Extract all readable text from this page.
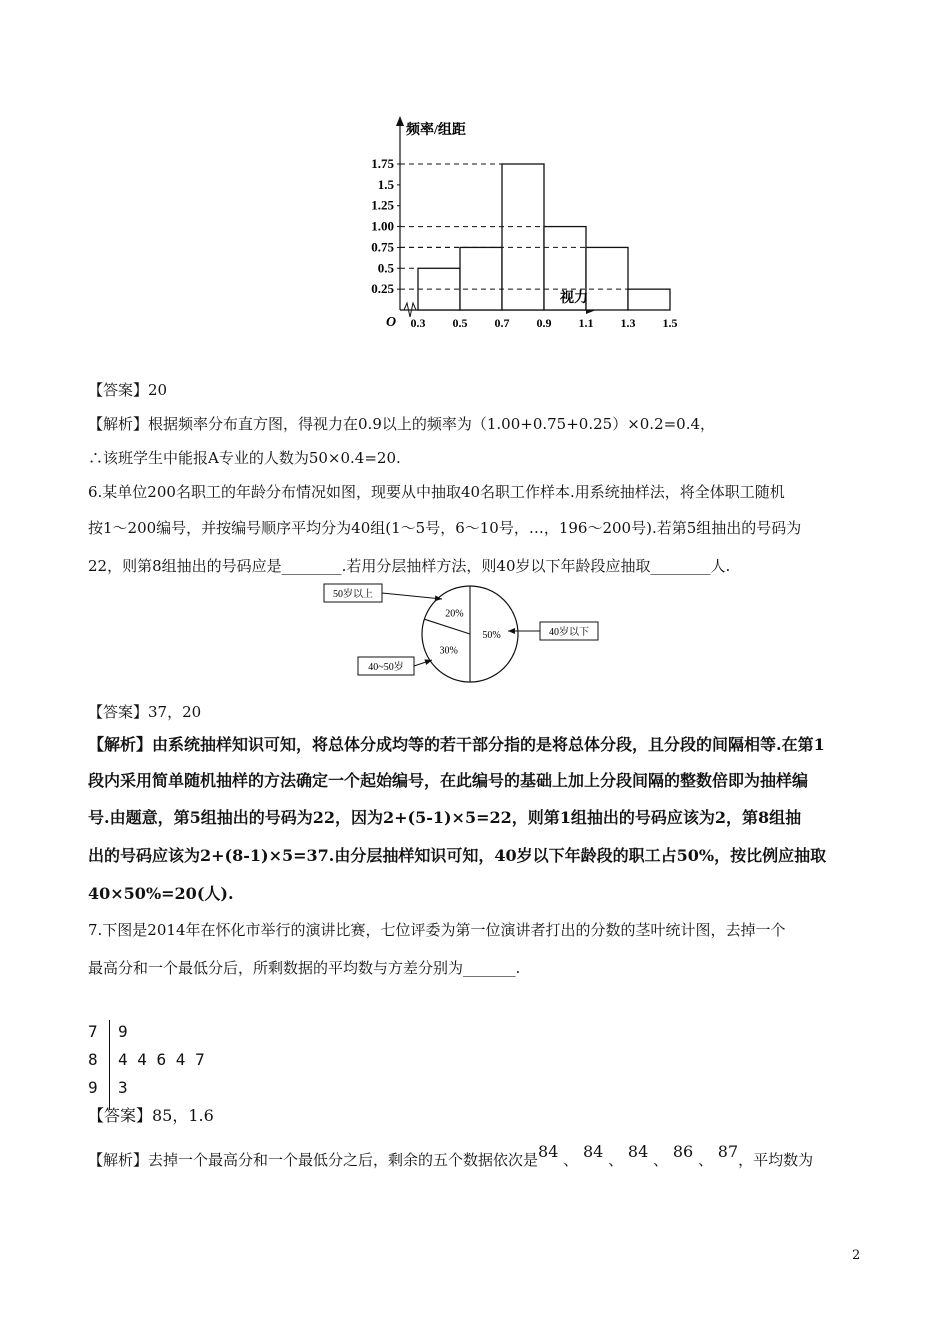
0.25
0.5
0.75
1.00
1.25
1.5
1.75
0.3 0.5 0.7 0.9 1.1 1.3 1.5
O
频率/组距
视力
【答案】20
【解析】根据频率分布直方图，得视力在0.9以上的频率为（1.00+0.75+0.25）×0.2=0.4，
∴该班学生中能报A专业的人数为50×0.4=20.
6.某单位200名职工的年龄分布情况如图，现要从中抽取40名职工作样本.用系统抽样法，将全体职工随机
按1～200编号，并按编号顺序平均分为40组(1～5号，6～10号，…，196～200号).若第5组抽出的号码为
22，则第8组抽出的号码应是________.若用分层抽样方法，则40岁以下年龄段应抽取________人.
50%
30%
20%
40岁以下
40~50岁
50岁以上
【答案】37，20
【解析】由系统抽样知识可知，将总体分成均等的若干部分指的是将总体分段，且分段的间隔相等.在第1
段内采用简单随机抽样的方法确定一个起始编号，在此编号的基础上加上分段间隔的整数倍即为抽样编
号.由题意，第5组抽出的号码为22，因为2+(5-1)×5=22，则第1组抽出的号码应该为2，第8组抽
出的号码应该为2+(8-1)×5=37.由分层抽样知识可知，40岁以下年龄段的职工占50%，按比例应抽取
40×50%=20(人).
7.下图是2014年在怀化市举行的演讲比赛，七位评委为第一位演讲者打出的分数的茎叶统计图，去掉一个
最高分和一个最低分后，所剩数据的平均数与方差分别为_______.
7 9
8 4 4 6 4 7
9 3
【答案】85，1.6
【解析】去掉一个最高分和一个最低分之后，剩余的五个数据依次是84 、 84 、 84 、 86 、 87，平均数为
2
